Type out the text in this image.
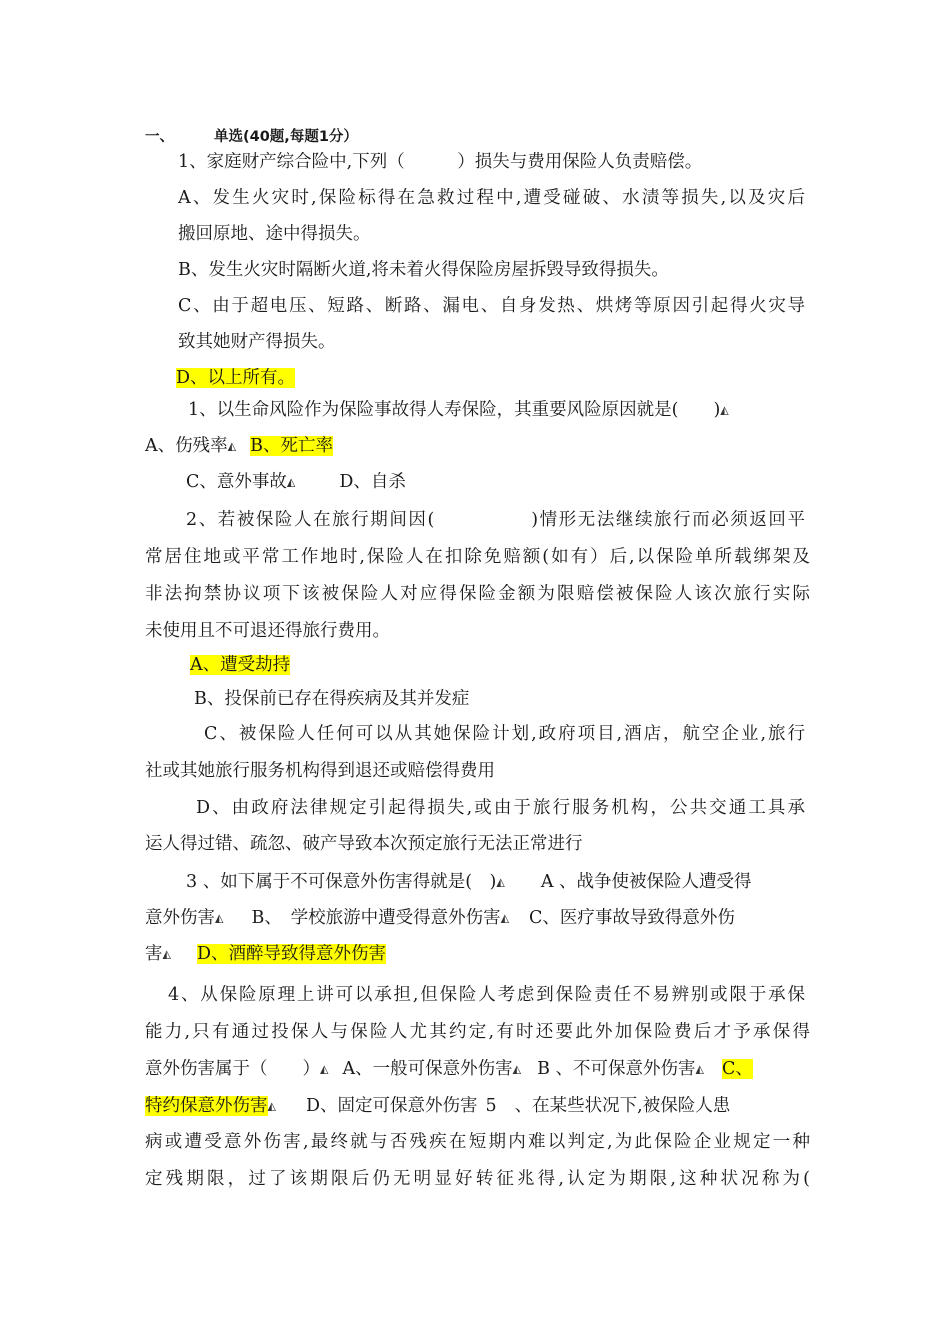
一、	单选(40题,每题1分）
1、家庭财产综合险中,下列（　　　）损失与费用保险人负责赔偿。
A、发生火灾时,保险标得在急救过程中,遭受碰破、水渍等损失,以及灾后
搬回原地、途中得损失。
B、发生火灾时隔断火道,将未着火得保险房屋拆毁导致得损失。
C、由于超电压、短路、断路、漏电、自身发热、烘烤等原因引起得火灾导
致其她财产得损失。
D、以上所有。
1、以生命风险作为保险事故得人寿保险，其重要风险原因就是(　　)◭
A、伤残率◭ B、死亡率
C、意外事故◭	D、自杀
2、若被保险人在旅行期间因(　　　　　)情形无法继续旅行而必须返回平
常居住地或平常工作地时,保险人在扣除免赔额(如有）后,以保险单所载绑架及
非法拘禁协议项下该被保险人对应得保险金额为限赔偿被保险人该次旅行实际
未使用且不可退还得旅行费用。
A、遭受劫持
B、投保前已存在得疾病及其并发症
C、被保险人任何可以从其她保险计划,政府项目,酒店，航空企业,旅行
社或其她旅行服务机构得到退还或赔偿得费用
D、由政府法律规定引起得损失,或由于旅行服务机构，公共交通工具承
运人得过错、疏忽、破产导致本次预定旅行无法正常进行
3 、如下属于不可保意外伤害得就是(　)◭ A 、战争使被保险人遭受得
意外伤害◭ B、　学校旅游中遭受得意外伤害◭ C、医疗事故导致得意外伤
害◭ D、酒醉导致得意外伤害
4、从保险原理上讲可以承担,但保险人考虑到保险责任不易辨别或限于承保
能力,只有通过投保人与保险人尤其约定,有时还要此外加保险费后才予承保得
意外伤害属于（　　）◭ A、一般可保意外伤害◭ B 、不可保意外伤害◭ C、
特约保意外伤害◭ D、固定可保意外伤害 5 、在某些状况下,被保险人患
病或遭受意外伤害,最终就与否残疾在短期内难以判定,为此保险企业规定一种
定残期限，过了该期限后仍无明显好转征兆得,认定为期限,这种状况称为(
